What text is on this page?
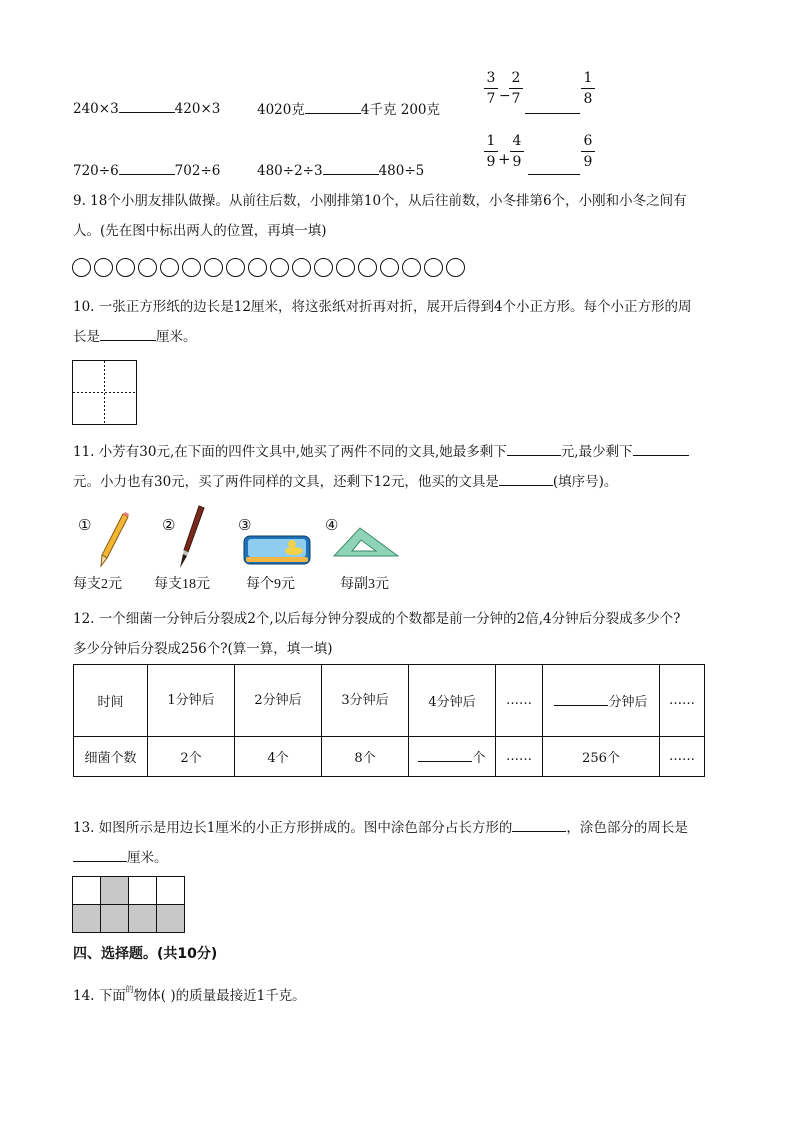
240×3	420×3	4020克	4千克 200克
720÷6	702÷6	480÷2÷3	480÷5
3
7 −
2
7
1
8
1
9 +
4
9
6
9
9. 18个小朋友排队做操。从前往后数，小刚排第10个，从后往前数，小冬排第6个，小刚和小冬之间有
人。(先在图中标出两人的位置，再填一填)
10. 一张正方形纸的边长是12厘米，将这张纸对折再对折，展开后得到4个小正方形。每个小正方形的周
长是	厘米。
11. 小芳有30元,在下面的四件文具中,她买了两件不同的文具,她最多剩下	元,最少剩下
元。小力也有30元，买了两件同样的文具，还剩下12元，他买的文具是	(填序号)。
①
每支2元
②
每支18元
③
每个9元
④
每副3元
12. 一个细菌一分钟后分裂成2个,以后每分钟分裂成的个数都是前一分钟的2倍,4分钟后分裂成多少个?
多少分钟后分裂成256个?(算一算，填一填)
时间	1分钟后	2分钟后	3分钟后	4分钟后	……	分钟后	……
细菌个数	2个	4个	8个	个	……	256个	……
13. 如图所示是用边长1厘米的小正方形拼成的。图中涂色部分占长方形的	，涂色部分的周长是
厘米。
四、选择题。(共10分)
14. 下面$^的$物体( )的质量最接近1千克。
